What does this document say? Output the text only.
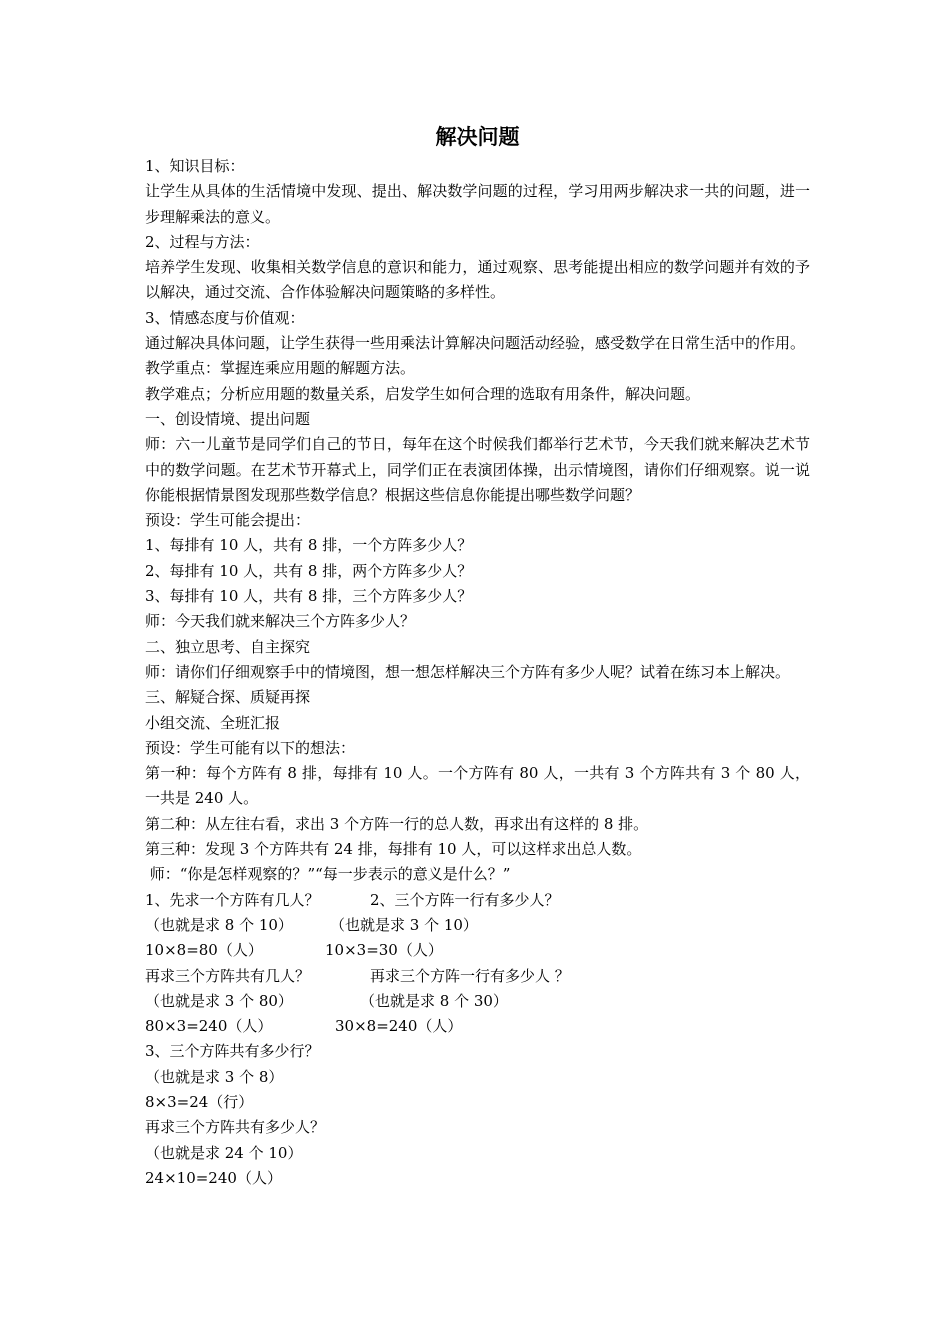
解决问题
1、知识目标：
让学生从具体的生活情境中发现、提出、解决数学问题的过程，学习用两步解决求一共的问题，进一步理解乘法的意义。
2、过程与方法：
培养学生发现、收集相关数学信息的意识和能力，通过观察、思考能提出相应的数学问题并有效的予以解决，通过交流、合作体验解决问题策略的多样性。
3、情感态度与价值观：
通过解决具体问题，让学生获得一些用乘法计算解决问题活动经验，感受数学在日常生活中的作用。
教学重点：掌握连乘应用题的解题方法。
教学难点；分析应用题的数量关系，启发学生如何合理的选取有用条件，解决问题。
一、创设情境、提出问题
师：六一儿童节是同学们自己的节日，每年在这个时候我们都举行艺术节，今天我们就来解决艺术节中的数学问题。在艺术节开幕式上，同学们正在表演团体操，出示情境图，请你们仔细观察。说一说你能根据情景图发现那些数学信息？根据这些信息你能提出哪些数学问题？
预设：学生可能会提出：
1、每排有 10 人，共有 8 排，一个方阵多少人？
2、每排有 10 人，共有 8 排，两个方阵多少人？
3、每排有 10 人，共有 8 排，三个方阵多少人？
师：今天我们就来解决三个方阵多少人？
二、独立思考、自主探究
师：请你们仔细观察手中的情境图，想一想怎样解决三个方阵有多少人呢？试着在练习本上解决。
三、解疑合探、质疑再探
小组交流、全班汇报
预设：学生可能有以下的想法：
第一种：每个方阵有 8 排，每排有 10 人。一个方阵有 80 人，一共有 3 个方阵共有 3 个 80 人，一共是 240 人。
第二种：从左往右看，求出 3 个方阵一行的总人数，再求出有这样的 8 排。
第三种：发现 3 个方阵共有 24 排，每排有 10 人，可以这样求出总人数。
师：“你是怎样观察的？”“每一步表示的意义是什么？”
1、先求一个方阵有几人？	2、三个方阵一行有多少人？
（也就是求 8 个 10）	（也就是求 3 个 10）
10×8=80（人）	10×3=30（人）
再求三个方阵共有几人？	再求三个方阵一行有多少人 ？
（也就是求 3 个 80）	（也就是求 8 个 30）
80×3=240（人）	30×8=240（人）
3、三个方阵共有多少行？
（也就是求 3 个 8）
8×3=24（行）
再求三个方阵共有多少人？
（也就是求 24 个 10）
24×10=240（人）
